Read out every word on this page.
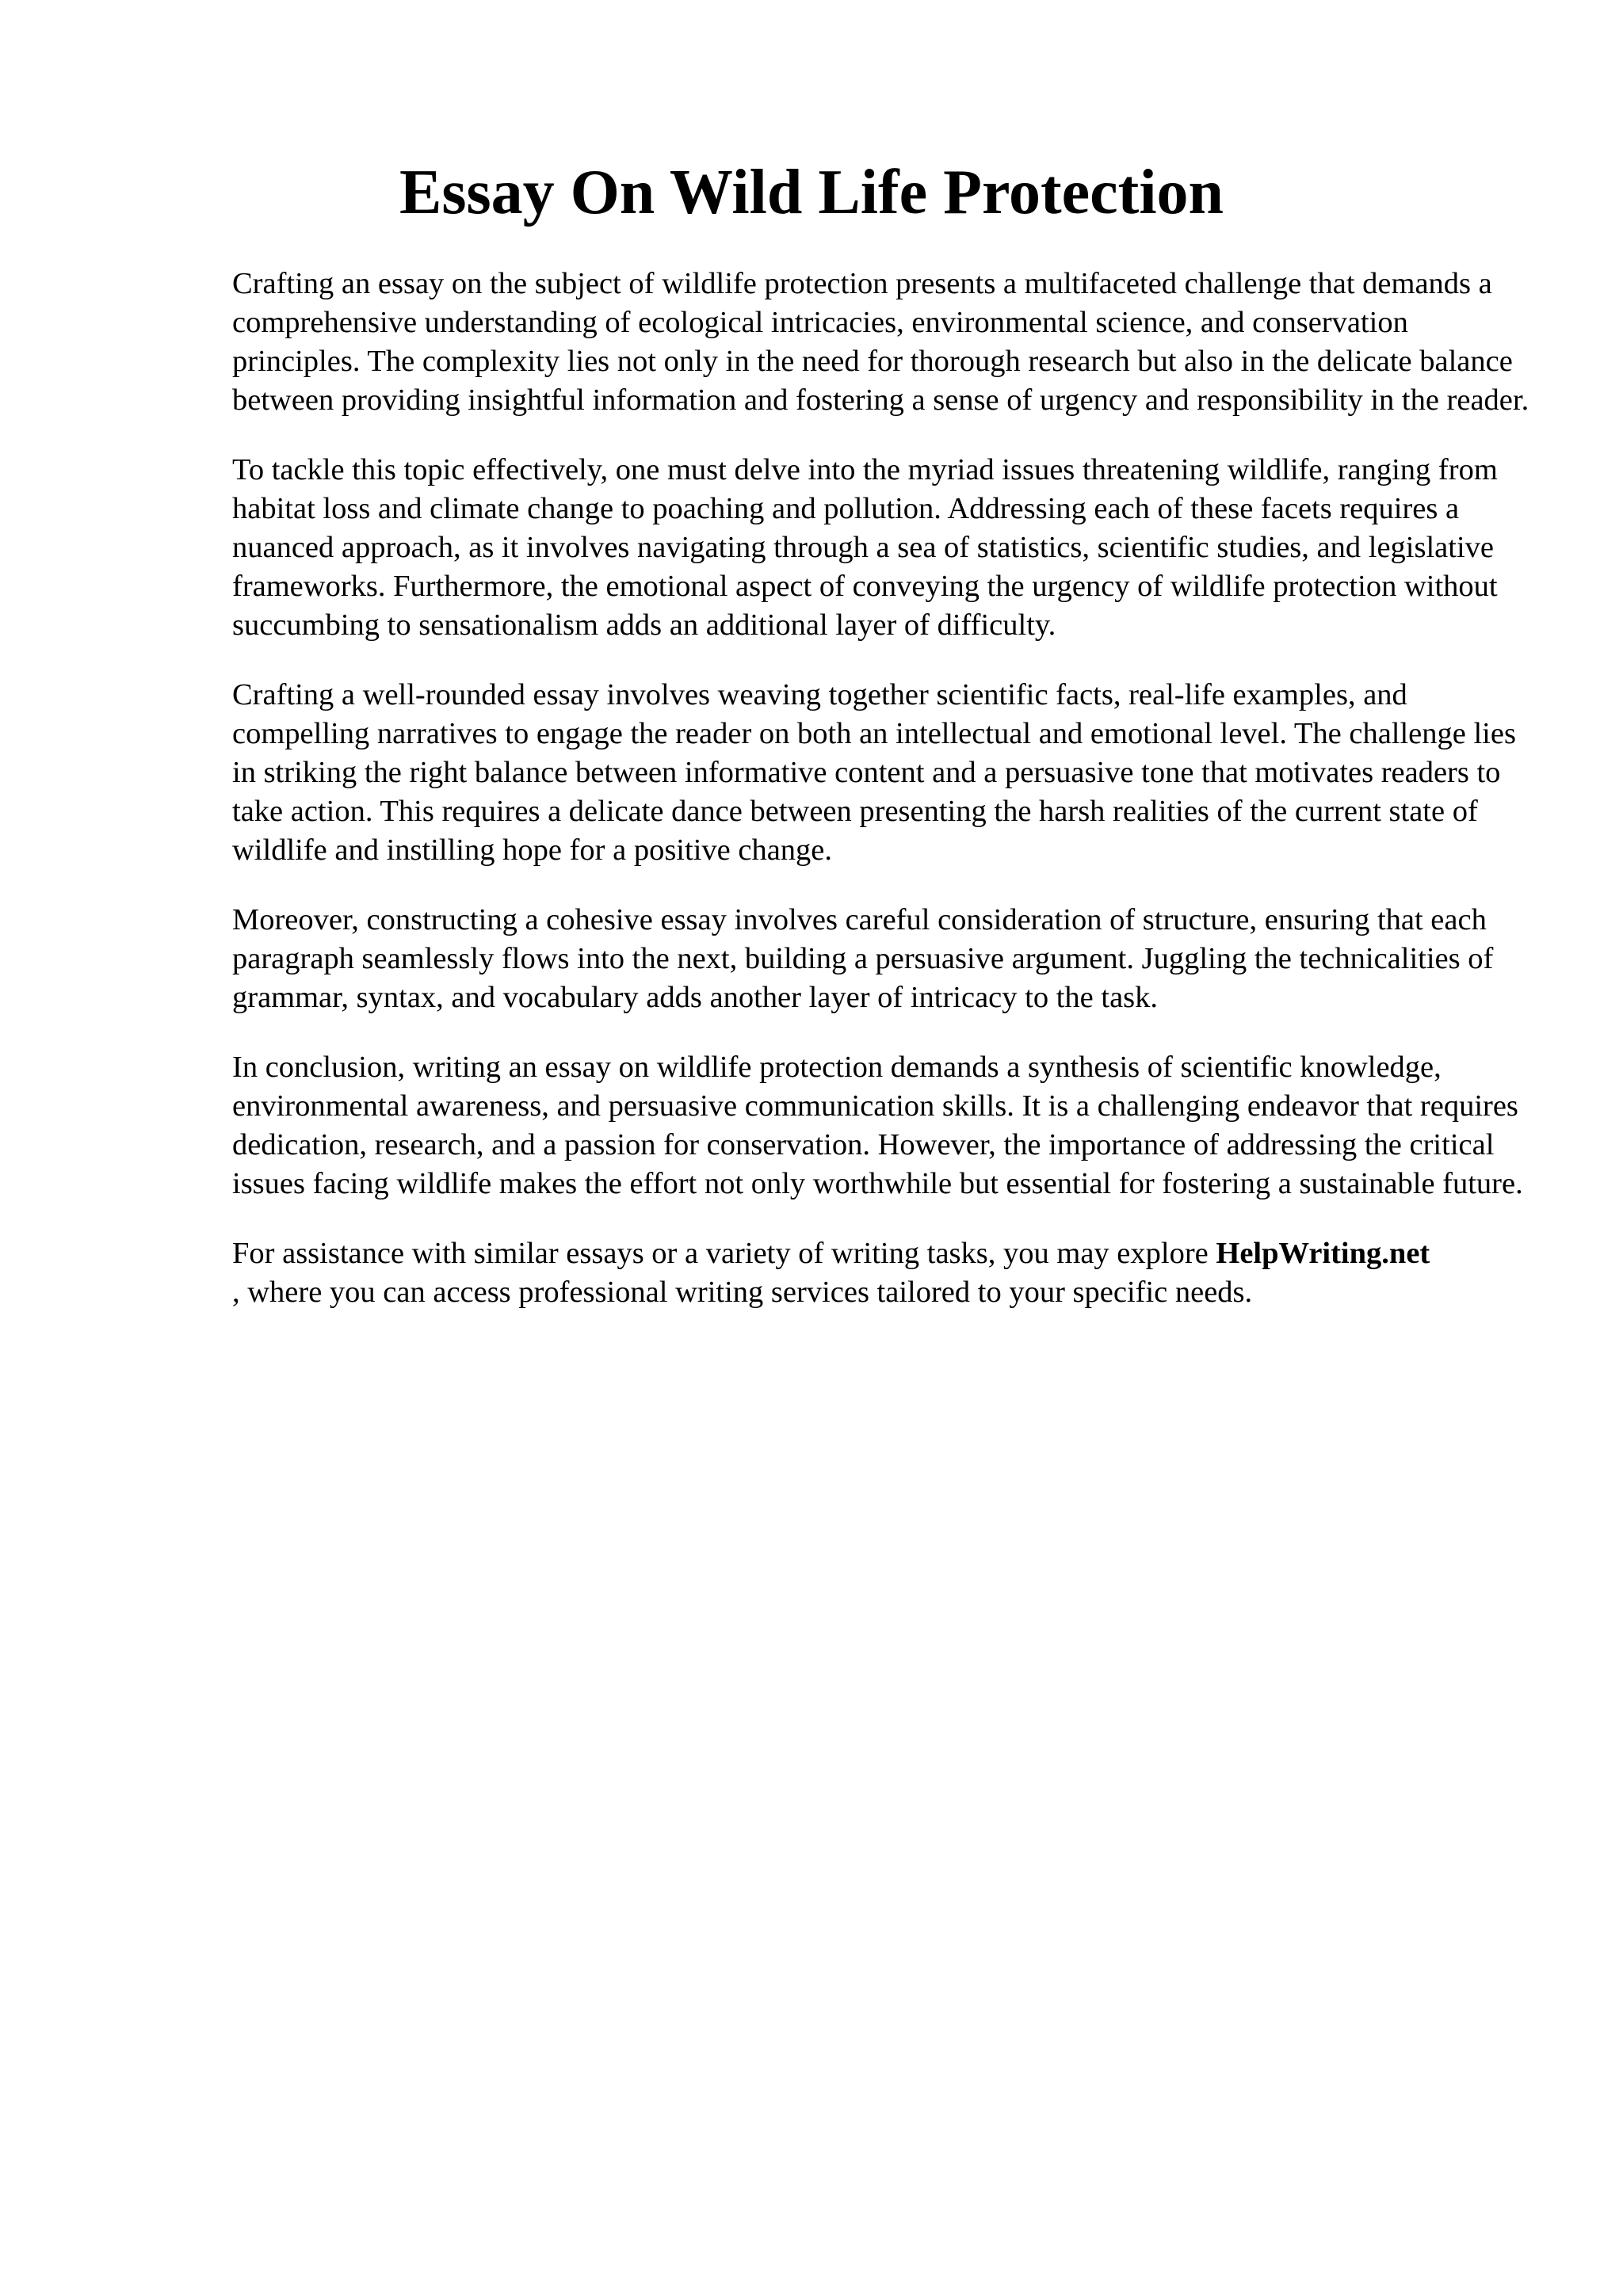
Essay On Wild Life Protection

Crafting an essay on the subject of wildlife protection presents a multifaceted challenge that demands a comprehensive understanding of ecological intricacies, environmental science, and conservation principles. The complexity lies not only in the need for thorough research but also in the delicate balance between providing insightful information and fostering a sense of urgency and responsibility in the reader.

To tackle this topic effectively, one must delve into the myriad issues threatening wildlife, ranging from habitat loss and climate change to poaching and pollution. Addressing each of these facets requires a nuanced approach, as it involves navigating through a sea of statistics, scientific studies, and legislative frameworks. Furthermore, the emotional aspect of conveying the urgency of wildlife protection without succumbing to sensationalism adds an additional layer of difficulty.

Crafting a well-rounded essay involves weaving together scientific facts, real-life examples, and compelling narratives to engage the reader on both an intellectual and emotional level. The challenge lies in striking the right balance between informative content and a persuasive tone that motivates readers to take action. This requires a delicate dance between presenting the harsh realities of the current state of wildlife and instilling hope for a positive change.

Moreover, constructing a cohesive essay involves careful consideration of structure, ensuring that each paragraph seamlessly flows into the next, building a persuasive argument. Juggling the technicalities of grammar, syntax, and vocabulary adds another layer of intricacy to the task.

In conclusion, writing an essay on wildlife protection demands a synthesis of scientific knowledge, environmental awareness, and persuasive communication skills. It is a challenging endeavor that requires dedication, research, and a passion for conservation. However, the importance of addressing the critical issues facing wildlife makes the effort not only worthwhile but essential for fostering a sustainable future.

For assistance with similar essays or a variety of writing tasks, you may explore HelpWriting.net
, where you can access professional writing services tailored to your specific needs.
